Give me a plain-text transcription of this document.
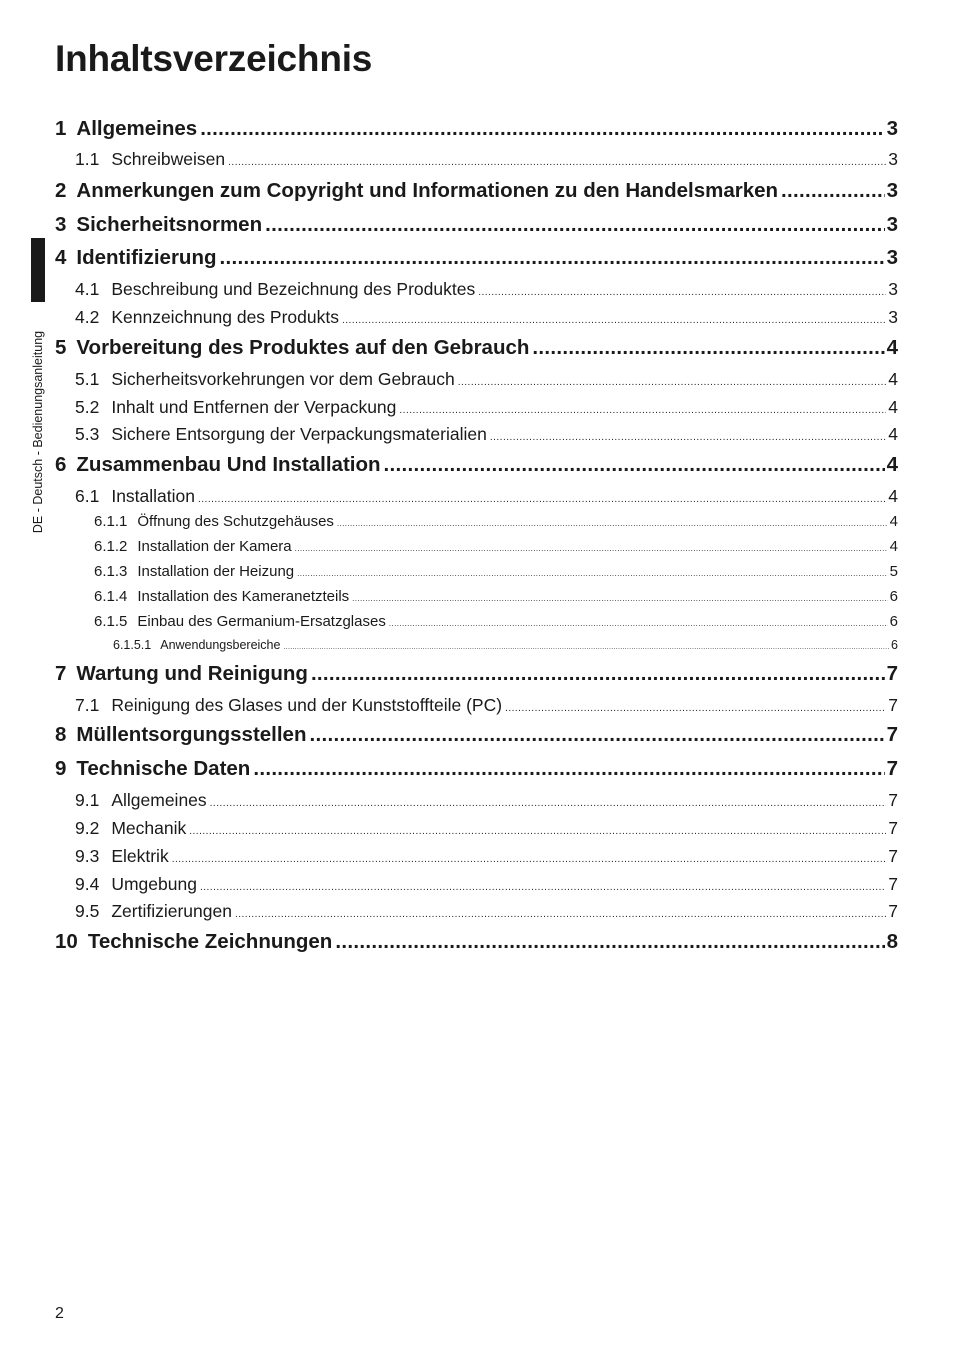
Inhaltsverzeichnis
DE - Deutsch - Bedienungsanleitung
1 Allgemeines .....	3
1.1 Schreibweisen .....	3
2 Anmerkungen zum Copyright und Informationen zu den Handelsmarken .....	3
3 Sicherheitsnormen .....	3
4 Identifizierung .....	3
4.1 Beschreibung und Bezeichnung des Produktes .....	3
4.2 Kennzeichnung des Produkts .....	3
5 Vorbereitung des Produktes auf den Gebrauch .....	4
5.1 Sicherheitsvorkehrungen vor dem Gebrauch .....	4
5.2 Inhalt und Entfernen der Verpackung .....	4
5.3 Sichere Entsorgung der Verpackungsmaterialien .....	4
6 Zusammenbau Und Installation .....	4
6.1 Installation .....	4
6.1.1 Öffnung des Schutzgehäuses .....	4
6.1.2 Installation der Kamera .....	4
6.1.3 Installation der Heizung .....	5
6.1.4 Installation des Kameranetzteils .....	6
6.1.5 Einbau des Germanium-Ersatzglases .....	6
6.1.5.1 Anwendungsbereiche .....	6
7 Wartung und Reinigung .....	7
7.1 Reinigung des Glases und der Kunststoffteile (PC) .....	7
8 Müllentsorgungsstellen .....	7
9 Technische Daten .....	7
9.1 Allgemeines .....	7
9.2 Mechanik .....	7
9.3 Elektrik .....	7
9.4 Umgebung .....	7
9.5 Zertifizierungen .....	7
10 Technische Zeichnungen .....	8
2
